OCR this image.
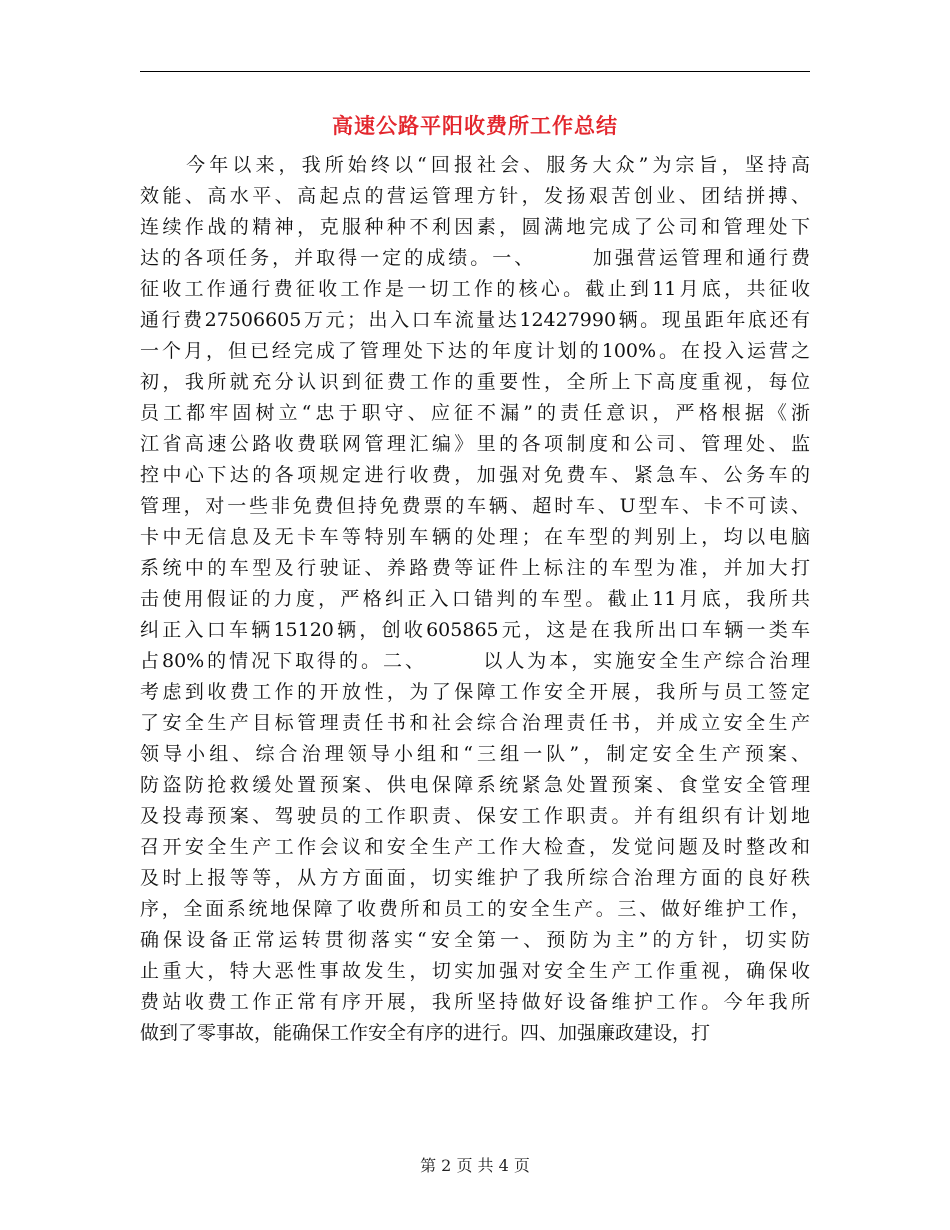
高速公路平阳收费所工作总结
　　今年以来，我所始终以“回报社会、服务大众”为宗旨，坚持高
效能、高水平、高起点的营运管理方针，发扬艰苦创业、团结拼搏、
连续作战的精神，克服种种不利因素，圆满地完成了公司和管理处下
达的各项任务，并取得一定的成绩。一、　　　加强营运管理和通行费
征收工作通行费征收工作是一切工作的核心。截止到11月底，共征收
通行费27506605万元；出入口车流量达12427990辆。现虽距年底还有
一个月，但已经完成了管理处下达的年度计划的100%。在投入运营之
初，我所就充分认识到征费工作的重要性，全所上下高度重视，每位
员工都牢固树立“忠于职守、应征不漏”的责任意识，严格根据《浙
江省高速公路收费联网管理汇编》里的各项制度和公司、管理处、监
控中心下达的各项规定进行收费，加强对免费车、紧急车、公务车的
管理，对一些非免费但持免费票的车辆、超时车、U型车、卡不可读、
卡中无信息及无卡车等特别车辆的处理；在车型的判别上，均以电脑
系统中的车型及行驶证、养路费等证件上标注的车型为准，并加大打
击使用假证的力度，严格纠正入口错判的车型。截止11月底，我所共
纠正入口车辆15120辆，创收605865元，这是在我所出口车辆一类车
占80%的情况下取得的。二、　　　以人为本，实施安全生产综合治理
考虑到收费工作的开放性，为了保障工作安全开展，我所与员工签定
了安全生产目标管理责任书和社会综合治理责任书，并成立安全生产
领导小组、综合治理领导小组和“三组一队”，制定安全生产预案、
防盗防抢救缓处置预案、供电保障系统紧急处置预案、食堂安全管理
及投毒预案、驾驶员的工作职责、保安工作职责。并有组织有计划地
召开安全生产工作会议和安全生产工作大检查，发觉问题及时整改和
及时上报等等，从方方面面，切实维护了我所综合治理方面的良好秩
序，全面系统地保障了收费所和员工的安全生产。三、做好维护工作，
确保设备正常运转贯彻落实“安全第一、预防为主”的方针，切实防
止重大，特大恶性事故发生，切实加强对安全生产工作重视，确保收
费站收费工作正常有序开展，我所坚持做好设备维护工作。今年我所
做到了零事故，能确保工作安全有序的进行。四、加强廉政建设，打
第 2 页 共 4 页
